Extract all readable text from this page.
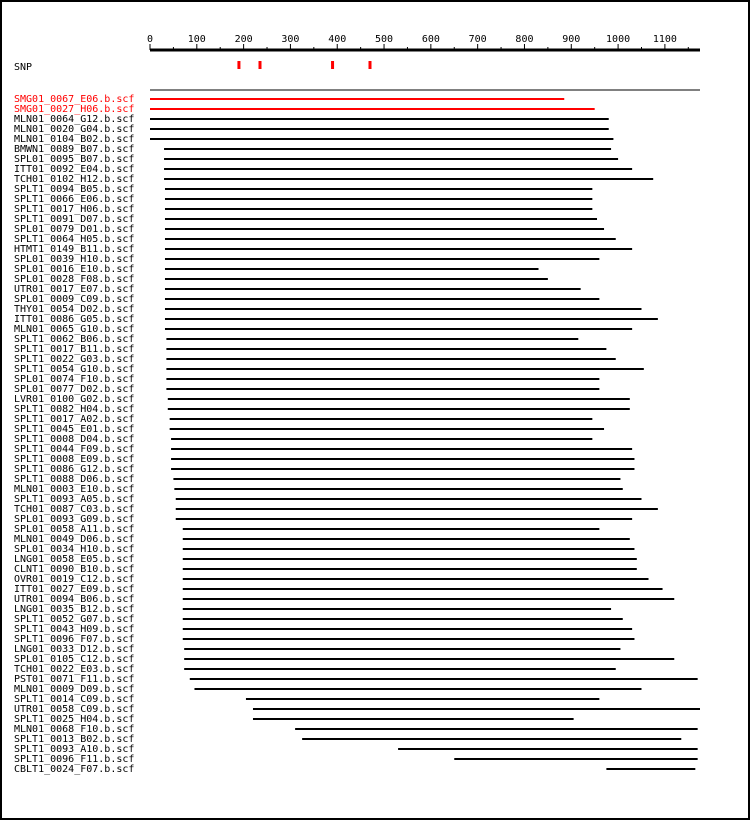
0	100	200	300	400	500	600	700	800	900	1000 1100
SNP
SMG01_0067_E06.b.scf
SMG01_0027_H06.b.scf
MLN01_0064_G12.b.scf
MLN01_0020_G04.b.scf
MLN01_0104_B02.b.scf
BMWN1_0089_B07.b.scf
SPL01_0095_B07.b.scf
ITT01_0092_E04.b.scf
TCH01_0102_H12.b.scf
SPLT1_0094_B05.b.scf
SPLT1_0066_E06.b.scf
SPLT1_0017_H06.b.scf
SPLT1_0091_D07.b.scf
SPL01_0079_D01.b.scf
SPLT1_0064_H05.b.scf
HTMT1_0149_B11.b.scf
SPL01_0039_H10.b.scf
SPL01_0016_E10.b.scf
SPL01_0028_F08.b.scf
UTR01_0017_E07.b.scf
SPL01_0009_C09.b.scf
THY01_0054_D02.b.scf
ITT01_0086_G05.b.scf
MLN01_0065_G10.b.scf
SPLT1_0062_B06.b.scf
SPLT1_0017_B11.b.scf
SPLT1_0022_G03.b.scf
SPLT1_0054_G10.b.scf
SPL01_0074_F10.b.scf
SPL01_0077_D02.b.scf
LVR01_0100_G02.b.scf
SPLT1_0082_H04.b.scf
SPLT1_0017_A02.b.scf
SPLT1_0045_E01.b.scf
SPLT1_0008_D04.b.scf
SPLT1_0044_F09.b.scf
SPLT1_0008_E09.b.scf
SPLT1_0086_G12.b.scf
SPLT1_0088_D06.b.scf
MLN01_0003_E10.b.scf
SPLT1_0093_A05.b.scf
TCH01_0087_C03.b.scf
SPL01_0093_G09.b.scf
SPL01_0058_A11.b.scf
MLN01_0049_D06.b.scf
SPL01_0034_H10.b.scf
LNG01_0058_E05.b.scf
CLNT1_0090_B10.b.scf
OVR01_0019_C12.b.scf
ITT01_0027_E09.b.scf
UTR01_0094_B06.b.scf
LNG01_0035_B12.b.scf
SPLT1_0052_G07.b.scf
SPLT1_0043_H09.b.scf
SPLT1_0096_F07.b.scf
LNG01_0033_D12.b.scf
SPL01_0105_C12.b.scf
TCH01_0022_E03.b.scf
PST01_0071_F11.b.scf
MLN01_0009_D09.b.scf
SPLT1_0014_C09.b.scf
UTR01_0058_C09.b.scf
SPLT1_0025_H04.b.scf
MLN01_0068_F10.b.scf
SPLT1_0013_B02.b.scf
SPLT1_0093_A10.b.scf
SPLT1_0096_F11.b.scf
CBLT1_0024_F07.b.scf
